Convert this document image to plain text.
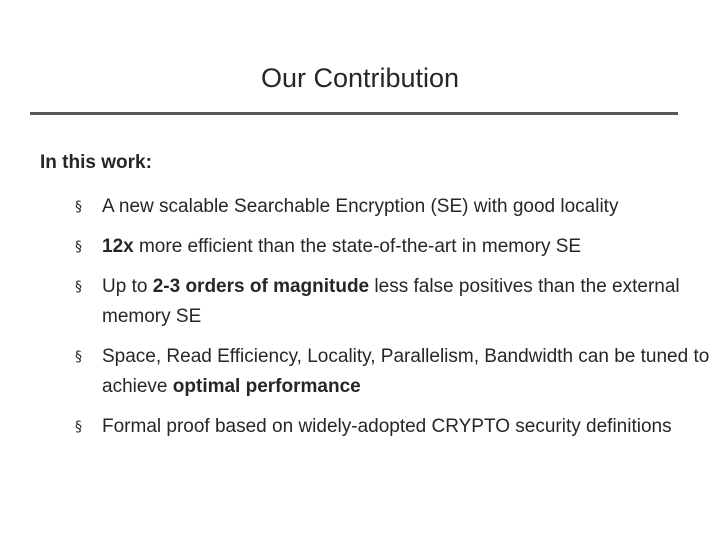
Our Contribution
In this work:
§
A new scalable Searchable Encryption (SE) with good locality
§
12x more efficient than the state-of-the-art in memory SE
§
Up to 2-3 orders of magnitude less false positives than the external memory SE
§
Space, Read Efficiency, Locality, Parallelism, Bandwidth can be tuned to achieve optimal performance
§
Formal proof based on widely-adopted CRYPTO security definitions
